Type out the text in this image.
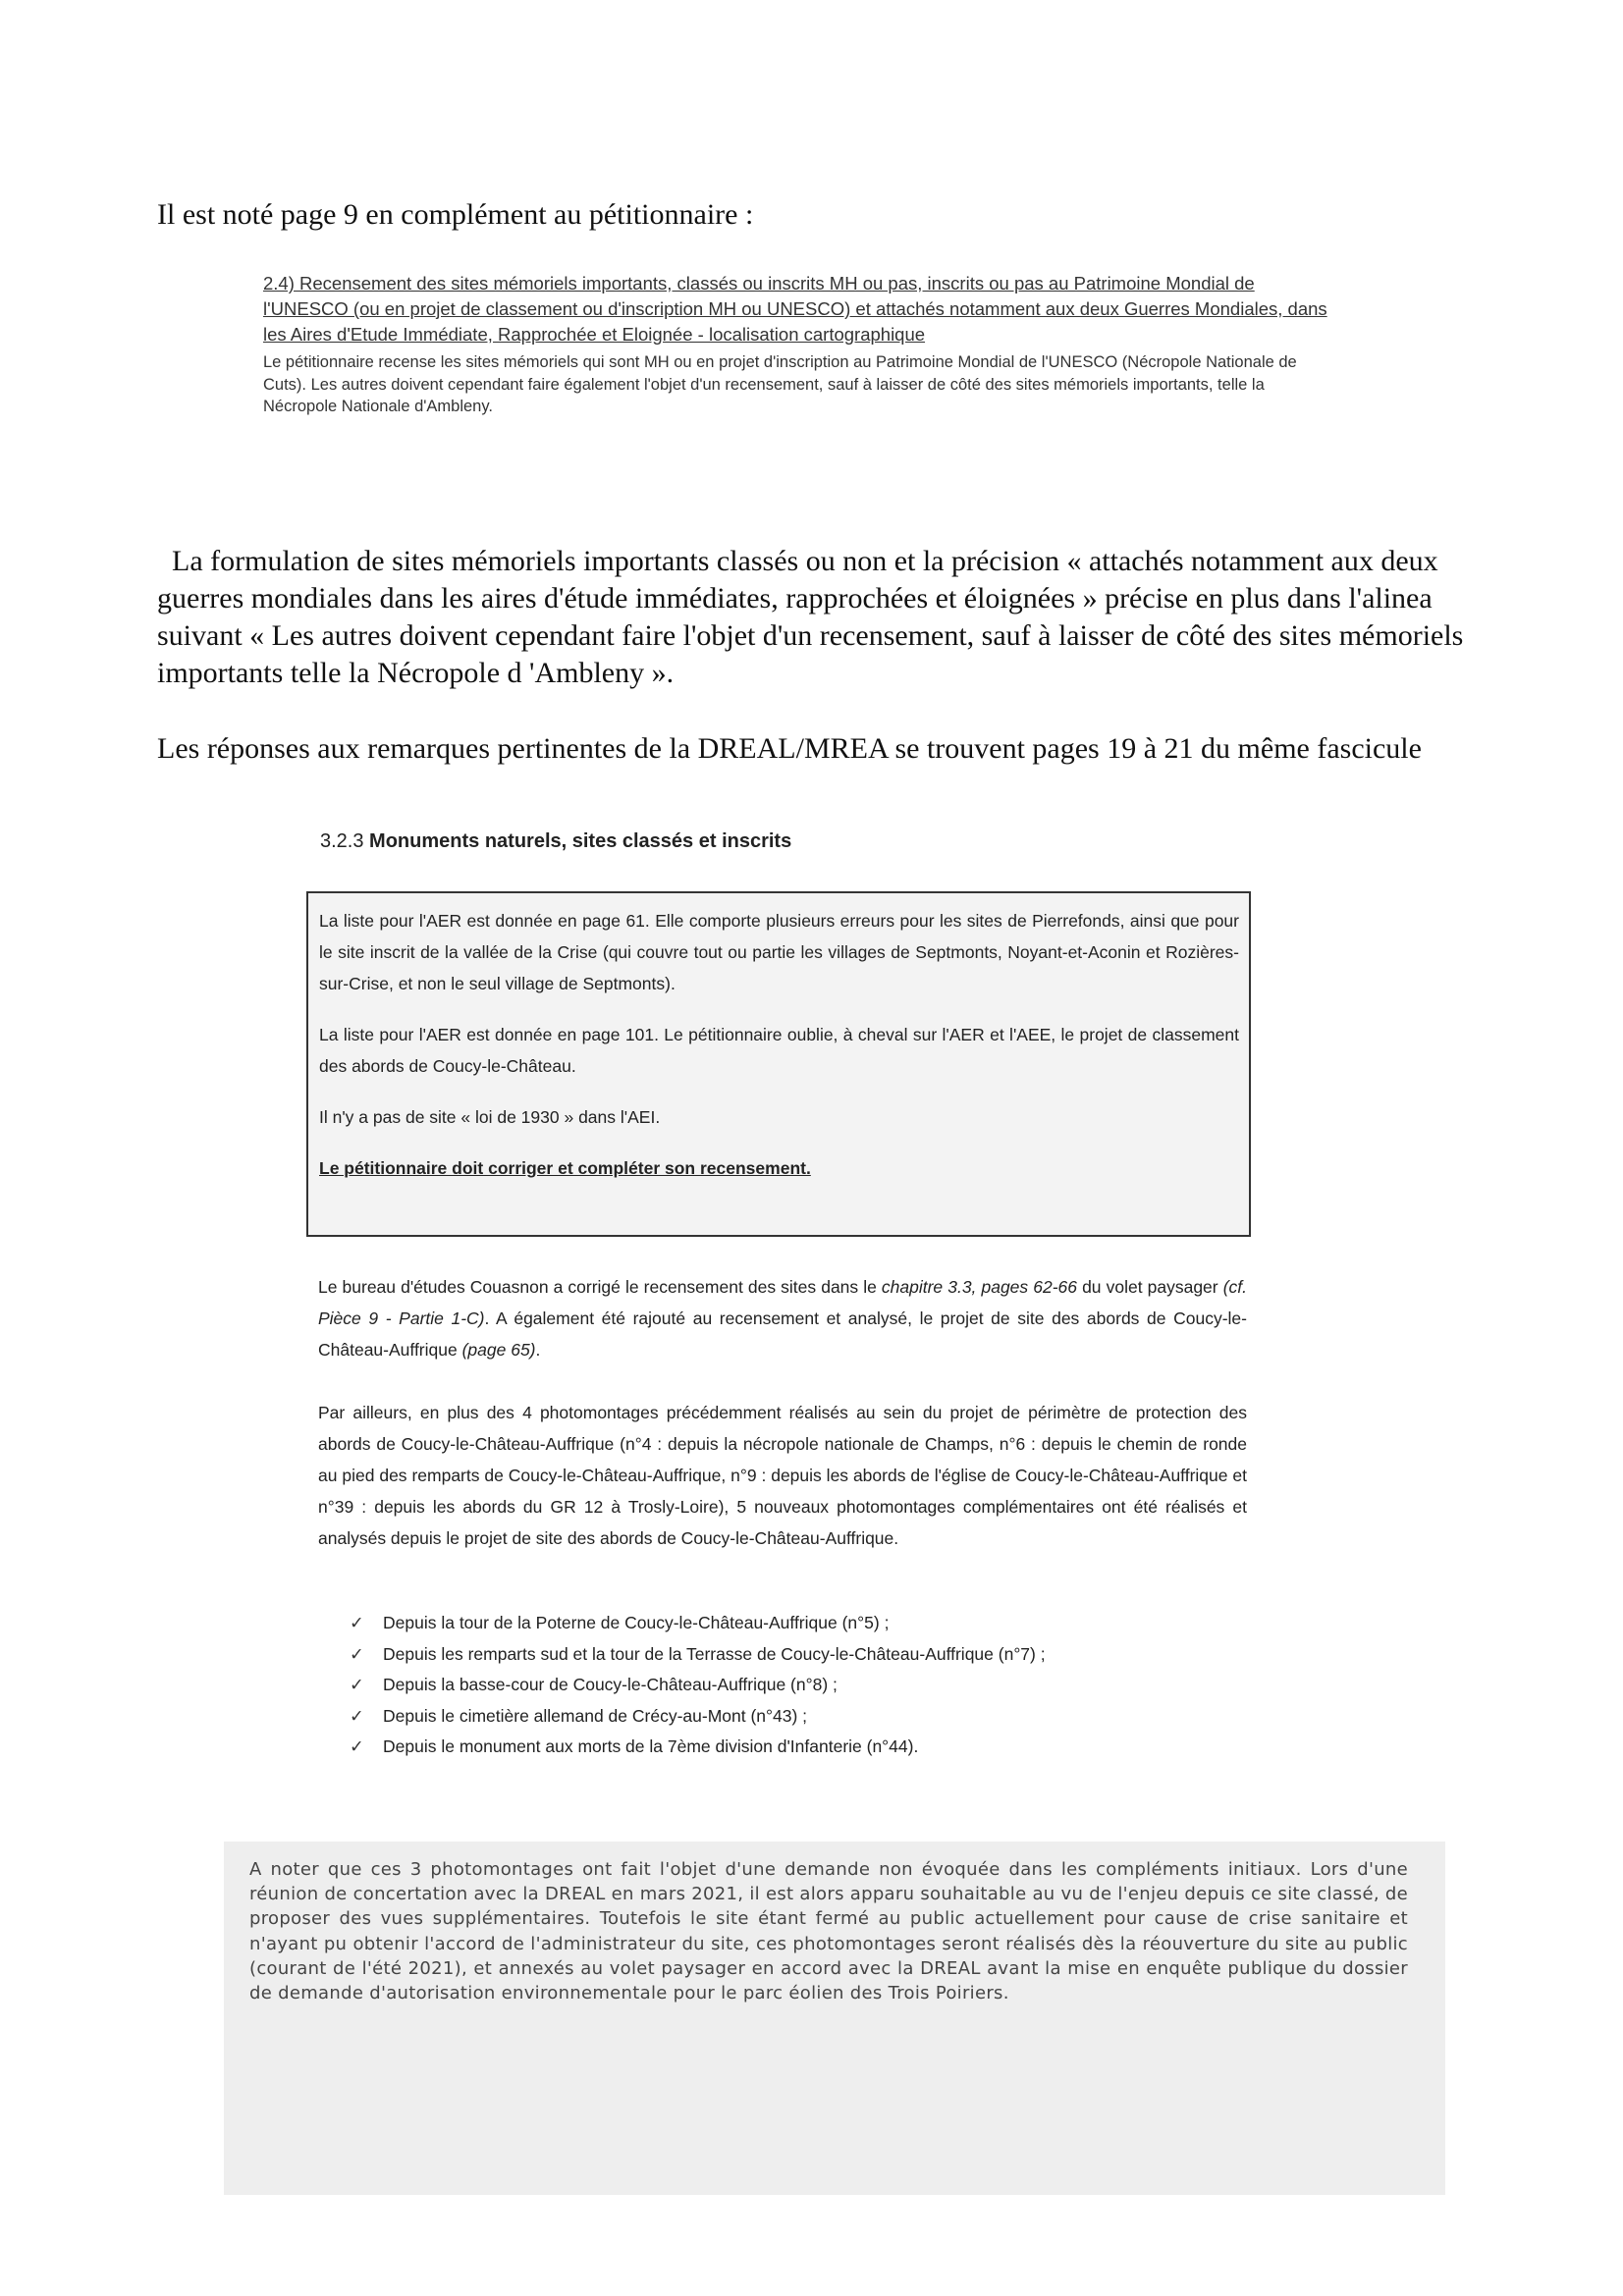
Il est noté page 9 en complément au pétitionnaire :

2.4) Recensement des sites mémoriels importants, classés ou inscrits MH ou pas, inscrits ou pas au Patrimoine Mondial de l'UNESCO (ou en projet de classement ou d'inscription MH ou UNESCO) et attachés notamment aux deux Guerres Mondiales, dans les Aires d'Etude Immédiate, Rapprochée et Eloignée - localisation cartographique

Le pétitionnaire recense les sites mémoriels qui sont MH ou en projet d'inscription au Patrimoine Mondial de l'UNESCO (Nécropole Nationale de Cuts). Les autres doivent cependant faire également l'objet d'un recensement, sauf à laisser de côté des sites mémoriels importants, telle la Nécropole Nationale d'Ambleny.

La formulation de sites mémoriels importants classés ou non et la précision « attachés notamment aux deux guerres mondiales dans les aires d'étude immédiates, rapprochées et éloignées » précise en plus dans l'alinea suivant « Les autres doivent cependant faire l'objet d'un recensement, sauf à laisser de côté des sites mémoriels importants telle la Nécropole d 'Ambleny ».
Les réponses aux remarques pertinentes de la DREAL/MREA se trouvent pages 19 à 21 du même fascicule
3.2.3 Monuments naturels, sites classés et inscrits

La liste pour l'AER est donnée en page 61. Elle comporte plusieurs erreurs pour les sites de Pierrefonds, ainsi que pour le site inscrit de la vallée de la Crise (qui couvre tout ou partie les villages de Septmonts, Noyant-et-Aconin et Rozières-sur-Crise, et non le seul village de Septmonts).

La liste pour l'AER est donnée en page 101. Le pétitionnaire oublie, à cheval sur l'AER et l'AEE, le projet de classement des abords de Coucy-le-Château.

Il n'y a pas de site « loi de 1930 » dans l'AEI.

Le pétitionnaire doit corriger et compléter son recensement.

Le bureau d'études Couasnon a corrigé le recensement des sites dans le chapitre 3.3, pages 62-66 du volet paysager (cf. Pièce 9 - Partie 1-C). A également été rajouté au recensement et analysé, le projet de site des abords de Coucy-le-Château-Auffrique (page 65).

Par ailleurs, en plus des 4 photomontages précédemment réalisés au sein du projet de périmètre de protection des abords de Coucy-le-Château-Auffrique (n°4 : depuis la nécropole nationale de Champs, n°6 : depuis le chemin de ronde au pied des remparts de Coucy-le-Château-Auffrique, n°9 : depuis les abords de l'église de Coucy-le-Château-Auffrique et n°39 : depuis les abords du GR 12 à Trosly-Loire), 5 nouveaux photomontages complémentaires ont été réalisés et analysés depuis le projet de site des abords de Coucy-le-Château-Auffrique.

✓ Depuis la tour de la Poterne de Coucy-le-Château-Auffrique (n°5) ;
✓ Depuis les remparts sud et la tour de la Terrasse de Coucy-le-Château-Auffrique (n°7) ;
✓ Depuis la basse-cour de Coucy-le-Château-Auffrique (n°8) ;
✓ Depuis le cimetière allemand de Crécy-au-Mont (n°43) ;
✓ Depuis le monument aux morts de la 7ème division d'Infanterie (n°44).

A noter que ces 3 photomontages ont fait l'objet d'une demande non évoquée dans les compléments initiaux. Lors d'une réunion de concertation avec la DREAL en mars 2021, il est alors apparu souhaitable au vu de l'enjeu depuis ce site classé, de proposer des vues supplémentaires. Toutefois le site étant fermé au public actuellement pour cause de crise sanitaire et n'ayant pu obtenir l'accord de l'administrateur du site, ces photomontages seront réalisés dès la réouverture du site au public (courant de l'été 2021), et annexés au volet paysager en accord avec la DREAL avant la mise en enquête publique du dossier de demande d'autorisation environnementale pour le parc éolien des Trois Poiriers.
